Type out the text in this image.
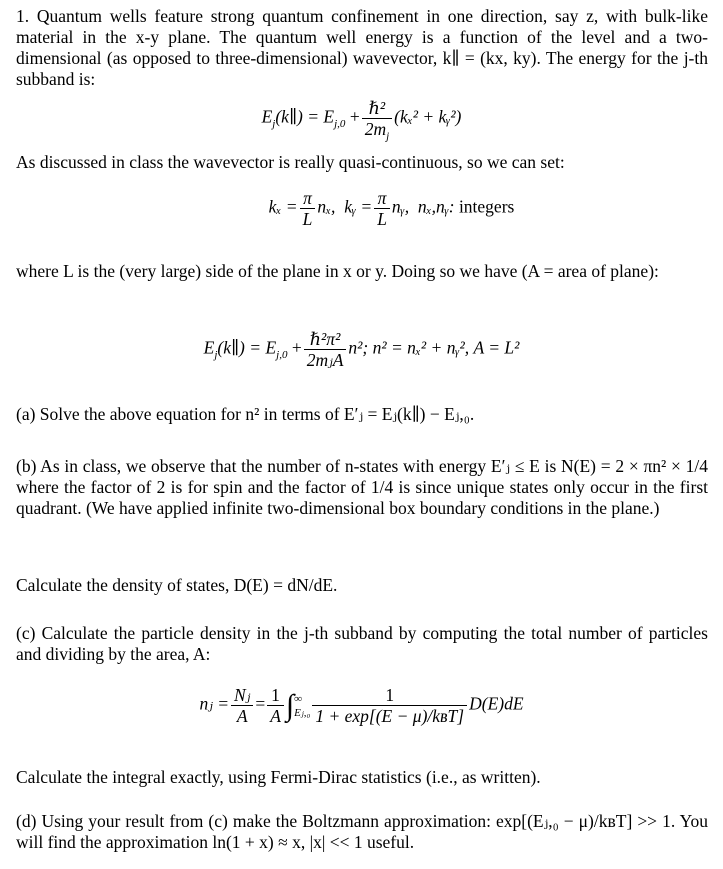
1. Quantum wells feature strong quantum confinement in one direction, say z, with bulk-like material in the x-y plane. The quantum well energy is a function of the level and a two-dimensional (as opposed to three-dimensional) wavevector, k∥ = (kx, ky). The energy for the j-th subband is:

$E_j(k\parallel) = E_{j,0} + \frac{\text{ℏ²}}{2m_j} (k_x^2$ + kᵧ²)

As discussed in class the wavevector is really quasi-continuous, so we can set:

$k_x = \frac{\pi}{L} n_x$, kᵧ = $\frac{\pi}{L}$ nᵧ, nₓ,nᵧ: integers

where L is the (very large) side of the plane in x or y. Doing so we have (A = area of plane):

$E_j(k\parallel) = E_{j,0} + \frac{\text{ℏ²π²}}{\text{2mⱼA}} n^2$; n² = nₓ² + nᵧ², A = L²

(a) Solve the above equation for n² in terms of E′ⱼ = Eⱼ(k∥) − Eⱼ,₀.

(b) As in class, we observe that the number of n-states with energy E′ⱼ ≤ E is N(E) = 2 × πn² × 1/4 where the factor of 2 is for spin and the factor of 1/4 is since unique states only occur in the first quadrant. (We have applied infinite two-dimensional box boundary conditions in the plane.)

Calculate the density of states, D(E) = dN/dE.

(c) Calculate the particle density in the j-th subband by computing the total number of particles and dividing by the area, A:

nⱼ = $\frac{\text{Nⱼ}}{A} = \frac{1}{A}$ ∫ ∞
Eⱼ,₀ $\frac{1}{\text{1 + exp[(E − μ)/kʙT]}} D(E)dE$

Calculate the integral exactly, using Fermi-Dirac statistics (i.e., as written).

(d) Using your result from (c) make the Boltzmann approximation: exp[(Eⱼ,₀ − μ)/kʙT] >> 1. You will find the approximation ln(1 + x) ≈ x, |x| << 1 useful.
